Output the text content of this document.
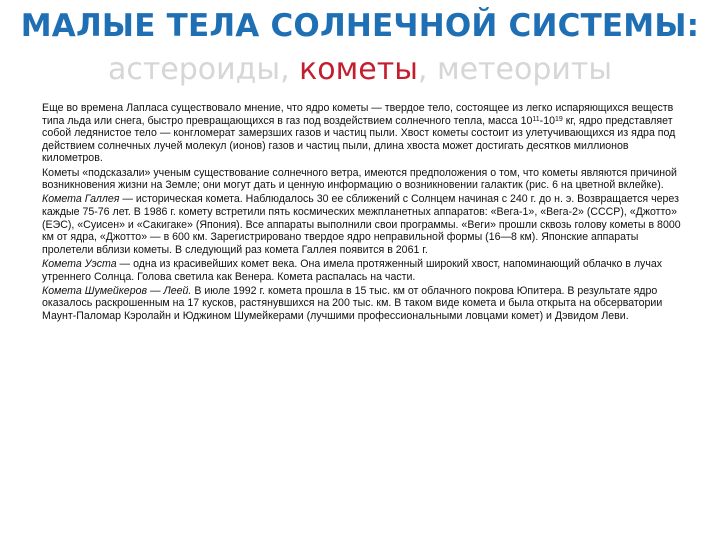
МАЛЫЕ ТЕЛА СОЛНЕЧНОЙ СИСТЕМЫ:
астероиды, кометы, метеориты

Еще во времена Лапласа существовало мнение, что ядро кометы — твердое тело, состоящее из легко испаряющихся веществ типа льда или снега, быстро превращающихся в газ под воздействием солнечного тепла, масса $10^{11}-10^{19}$ кг, ядро представляет собой ледянистое тело — конгломерат замерзших газов и частиц пыли. Хвост кометы состоит из улетучивающихся из ядра под действием солнечных лучей молекул (ионов) газов и частиц пыли, длина хвоста может достигать десятков миллионов километров.

Кометы «подсказали» ученым существование солнечного ветра, имеются предположения о том, что кометы являются причиной возникновения жизни на Земле; они могут дать и ценную информацию о возникновении галактик (рис. 6 на цветной вклейке).

Комета Галлея — историческая комета. Наблюдалось 30 ее сближений с Солнцем начиная с 240 г. до н. э. Возвращается через каждые 75-76 лет. В 1986 г. комету встретили пять космических межпланетных аппаратов: «Вега-1», «Вега-2» (СССР), «Джотто» (ЕЭС), «Суисен» и «Сакигаке» (Япония). Все аппараты выполнили свои программы. «Веги» прошли сквозь голову кометы в 8000 км от ядра, «Джотто» — в 600 км. Зарегистрировано твердое ядро неправильной формы (16—8 км). Японские аппараты пролетели вблизи кометы. В следующий раз комета Галлея появится в 2061 г.

Комета Уэста — одна из красивейших комет века. Она имела протяженный широкий хвост, напоминающий облачко в лучах утреннего Солнца. Голова светила как Венера. Комета распалась на части.

Комета Шумейкеров — Леей. В июле 1992 г. комета прошла в 15 тыс. км от облачного покрова Юпитера. В результате ядро оказалось раскрошенным на 17 кусков, растянувшихся на 200 тыс. км. В таком виде комета и была открыта на обсерватории Маунт-Паломар Кэролайн и Юджином Шумейкерами (лучшими профессиональными ловцами комет) и Дэвидом Леви.
